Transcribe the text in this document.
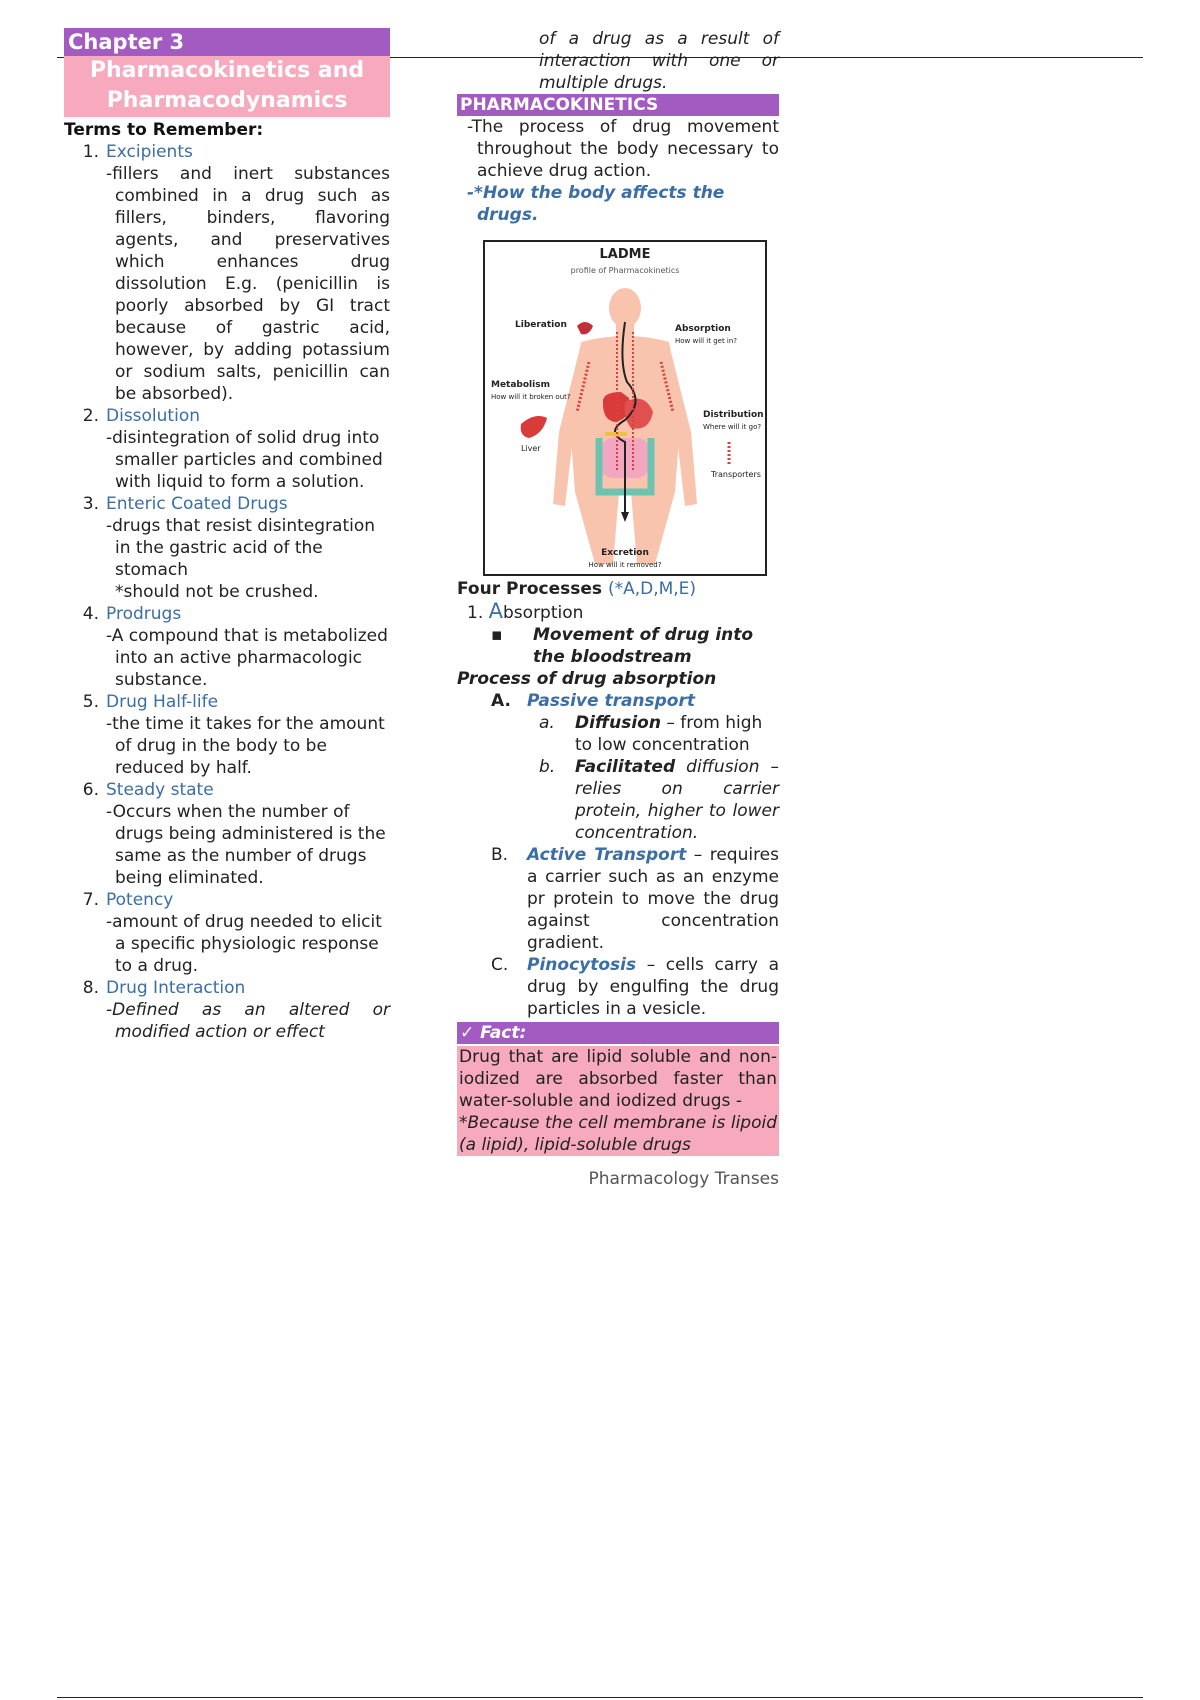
Chapter 3
Pharmacokinetics and
Pharmacodynamics
Terms to Remember:
1. Excipients
-fillers and inert substances combined in a drug such as fillers, binders, flavoring agents, and preservatives which enhances drug dissolution E.g. (penicillin is poorly absorbed by GI tract because of gastric acid, however, by adding potassium or sodium salts, penicillin can be absorbed).
2. Dissolution
-disintegration of solid drug into smaller particles and combined with liquid to form a solution.
3. Enteric Coated Drugs
-drugs that resist disintegration in the gastric acid of the stomach
*should not be crushed.
4. Prodrugs
-A compound that is metabolized into an active pharmacologic substance.
5. Drug Half-life
-the time it takes for the amount of drug in the body to be reduced by half.
6. Steady state
-Occurs when the number of drugs being administered is the same as the number of drugs being eliminated.
7. Potency
-amount of drug needed to elicit a specific physiologic response to a drug.
8. Drug Interaction
-Defined as an altered or modified action or effect
of a drug as a result of interaction with one or multiple drugs.
PHARMACOKINETICS
-The process of drug movement throughout the body necessary to achieve drug action.
-*How the body affects the drugs.
LADME
profile of Pharmacokinetics
Liberation	Absorption
How will it get in?
Metabolism
How will it broken out?
Liver
Distribution
Where will it go?
Transporters
Excretion
How will it removed?
Four Processes (*A,D,M,E)
1. Absorption
▪	Movement of drug into the bloodstream
Process of drug absorption
A. Passive transport
a.	Diffusion – from high to low concentration
b.	Facilitated diffusion – relies on carrier protein, higher to lower concentration.
B.	Active Transport – requires a carrier such as an enzyme pr protein to move the drug against concentration gradient.
C.	Pinocytosis – cells carry a drug by engulfing the drug particles in a vesicle.
✓ Fact:
Drug that are lipid soluble and non-iodized are absorbed faster than water-soluble and iodized drugs -
*Because the cell membrane is lipoid (a lipid), lipid-soluble drugs
Pharmacology Transes
